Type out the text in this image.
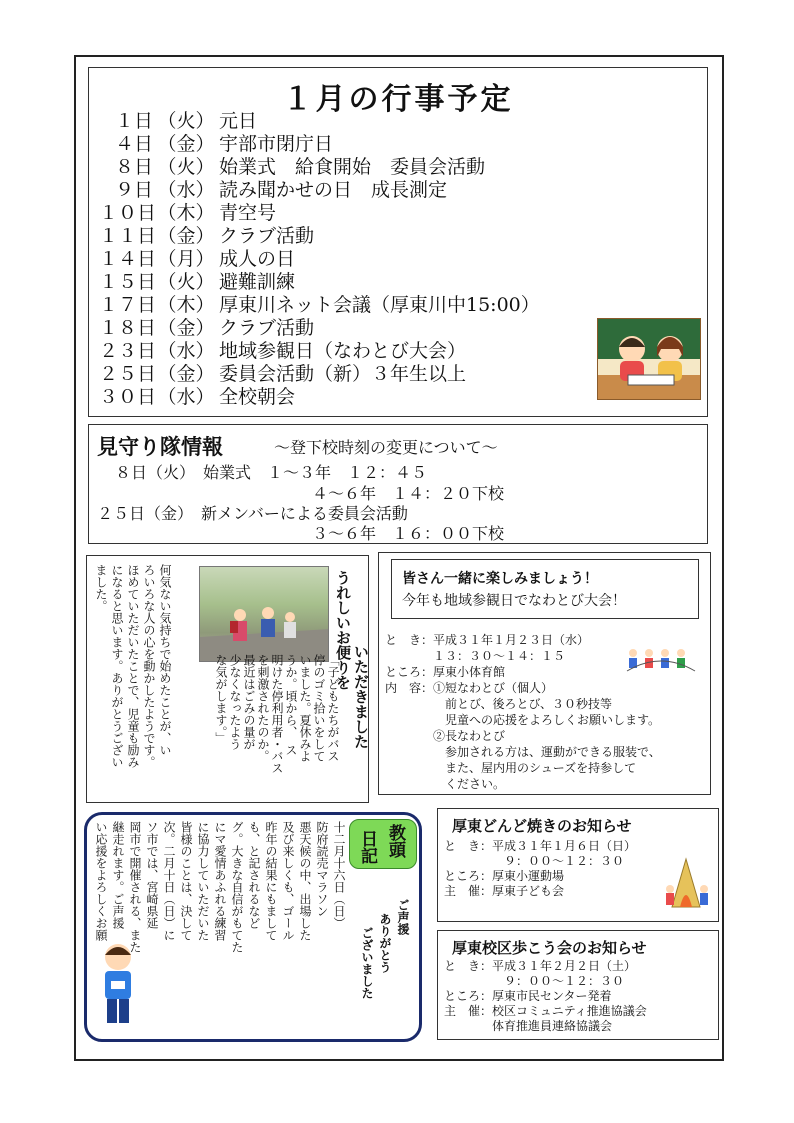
１月の行事予定
１日 （火） 元日
４日 （金） 宇部市閉庁日
８日 （火） 始業式　給食開始　委員会活動
９日 （水） 読み聞かせの日　成長測定
１０日（木） 青空号
１１日（金） クラブ活動
１４日（月） 成人の日
１５日（火） 避難訓練
１７日（木） 厚東川ネット会議（厚東川中15:00）
１８日（金） クラブ活動
２３日（水） 地域参観日（なわとび大会）
２５日（金） 委員会活動（新）３年生以上
３０日（水） 全校朝会
見守り隊情報	～登下校時刻の変更について～
８日（火）　始業式　１～３年　１２：４５
４～６年　１４：２０下校
２５日（金）　新メンバーによる委員会活動
３～６年　１６：００下校
うれしいお便りを
いただきました
「子どもたちがバス
停のゴミ拾いをして
いました。夏休みよ
うか。頃から、　ス
明けた停利用者・バス
を刺激されたのか。
最近はごみの量が
少なくなったよう
な気がします。」
何気ない気持ちで始めたことが、い
ろいろな人の心を動かしたようです。
ほめていただいたことで、児童も励み
になると思います。ありがとうござい
ました。	皆さん一緒に楽しみましょう！
今年も地域参観日でなわとび大会！
と　き：平成３１年１月２３日（水）
　　　　１３：３０～１４：１５
ところ：厚東小体育館
内　容：①短なわとび（個人）
　　　　　前とび、後ろとび、３０秒技等
　　　　　児童への応援をよろしくお願いします。
　　　　②長なわとび
　　　　　参加される方は、運動ができる服装で、
　　　　　また、屋内用のシューズを持参して
　　　　　ください。
教頭
日記
ご声援
ありがとう
ございました
十二月十六日（日）
防府読売マラソン
悪天候の中、出場した
及び来しくも、ゴール
昨年の結果にもまして
も、と記されるなど
グ。大きな自信がもてた
にマ愛情あふれる練習
に協力していただいた
皆様のことは、決して
次。二月十日（日）に
ソ市では、宮崎県延
岡市で開催される、また
継走れます。ご声援
い応援をよろしくお願	厚東どんど焼きのお知らせ
と　き：平成３１年１月６日（日）
　　　　　９：００～１２：３０
ところ：厚東小運動場
主　催：厚東子ども会
厚東校区歩こう会のお知らせ
と　き：平成３１年２月２日（土）
　　　　　９：００～１２：３０
ところ：厚東市民センター発着
主　催：校区コミュニティ推進協議会
　　　　体育推進員連絡協議会
